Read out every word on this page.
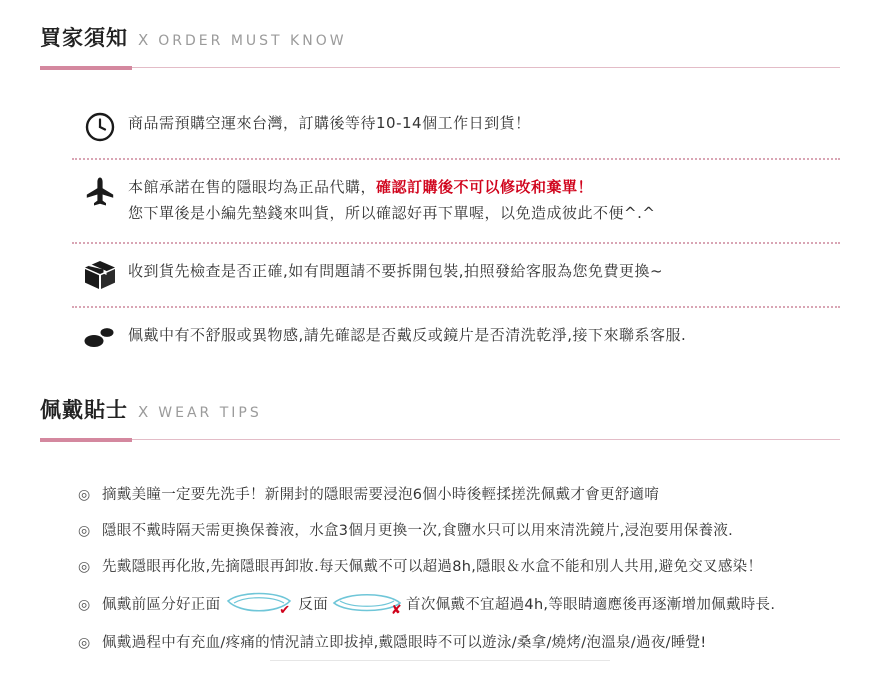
買家須知 X ORDER MUST KNOW
商品需預購空運來台灣，訂購後等待10-14個工作日到貨！
本館承諾在售的隱眼均為正品代購，確認訂購後不可以修改和棄單！
您下單後是小編先墊錢來叫貨，所以確認好再下單喔，以免造成彼此不便^.^
收到貨先檢查是否正確,如有問題請不要拆開包裝,拍照發給客服為您免費更換~
佩戴中有不舒服或異物感,請先確認是否戴反或鏡片是否清洗乾淨,接下來聯系客服.
佩戴貼士 X WEAR TIPS
◎ 摘戴美瞳一定要先洗手！新開封的隱眼需要浸泡6個小時後輕揉搓洗佩戴才會更舒適唷
◎ 隱眼不戴時隔天需更換保養液，水盒3個月更換一次,食鹽水只可以用來清洗鏡片,浸泡要用保養液.
◎ 先戴隱眼再化妝,先摘隱眼再卸妝.每天佩戴不可以超過8h,隱眼＆水盒不能和別人共用,避免交叉感染！
◎ 佩戴前區分好正面	✔ 反面	✘ 首次佩戴不宜超過4h,等眼睛適應後再逐漸增加佩戴時長.
◎ 佩戴過程中有充血/疼痛的情況請立即拔掉,戴隱眼時不可以遊泳/桑拿/燒烤/泡溫泉/過夜/睡覺!
